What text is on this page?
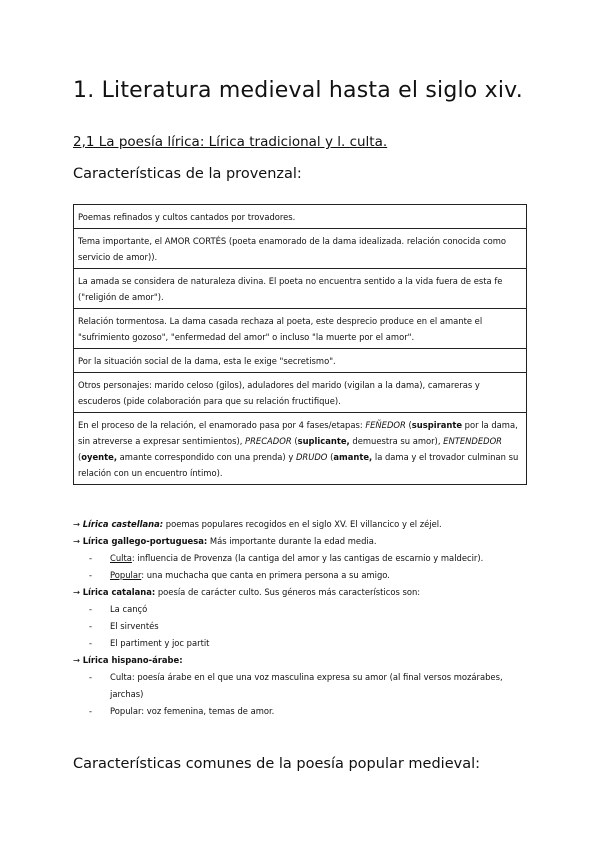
1. Literatura medieval hasta el siglo xiv.

2,1 La poesía lírica: Lírica tradicional y l. culta.

Características de la provenzal:
Poemas refinados y cultos cantados por trovadores.
Tema importante, el AMOR CORTÉS (poeta enamorado de la dama idealizada. relación conocida como servicio de amor)).
La amada se considera de naturaleza divina. El poeta no encuentra sentido a la vida fuera de esta fe ("religión de amor").
Relación tormentosa. La dama casada rechaza al poeta, este desprecio produce en el amante el "sufrimiento gozoso", "enfermedad del amor" o incluso "la muerte por el amor".
Por la situación social de la dama, esta le exige "secretismo".
Otros personajes: marido celoso (gilos), aduladores del marido (vigilan a la dama), camareras y escuderos (pide colaboración para que su relación fructifique).
En el proceso de la relación, el enamorado pasa por 4 fases/etapas: FEÑEDOR (suspirante por la dama, sin atreverse a expresar sentimientos), PRECADOR (suplicante, demuestra su amor), ENTENDEDOR (oyente, amante correspondido con una prenda) y DRUDO (amante, la dama y el trovador culminan su relación con un encuentro íntimo).
→ Lírica castellana: poemas populares recogidos en el siglo XV. El villancico y el zéjel.
→ Lírica gallego-portuguesa: Más importante durante la edad media.
- Culta: influencia de Provenza (la cantiga del amor y las cantigas de escarnio y maldecir).
- Popular: una muchacha que canta en primera persona a su amigo.
→ Lírica catalana: poesía de carácter culto. Sus géneros más característicos son:
- La cançó
- El sirventés
- El partiment y joc partit
→ Lírica hispano-árabe:
- Culta: poesía árabe en el que una voz masculina expresa su amor (al final versos mozárabes, jarchas)
- Popular: voz femenina, temas de amor.
Características comunes de la poesía popular medieval:
